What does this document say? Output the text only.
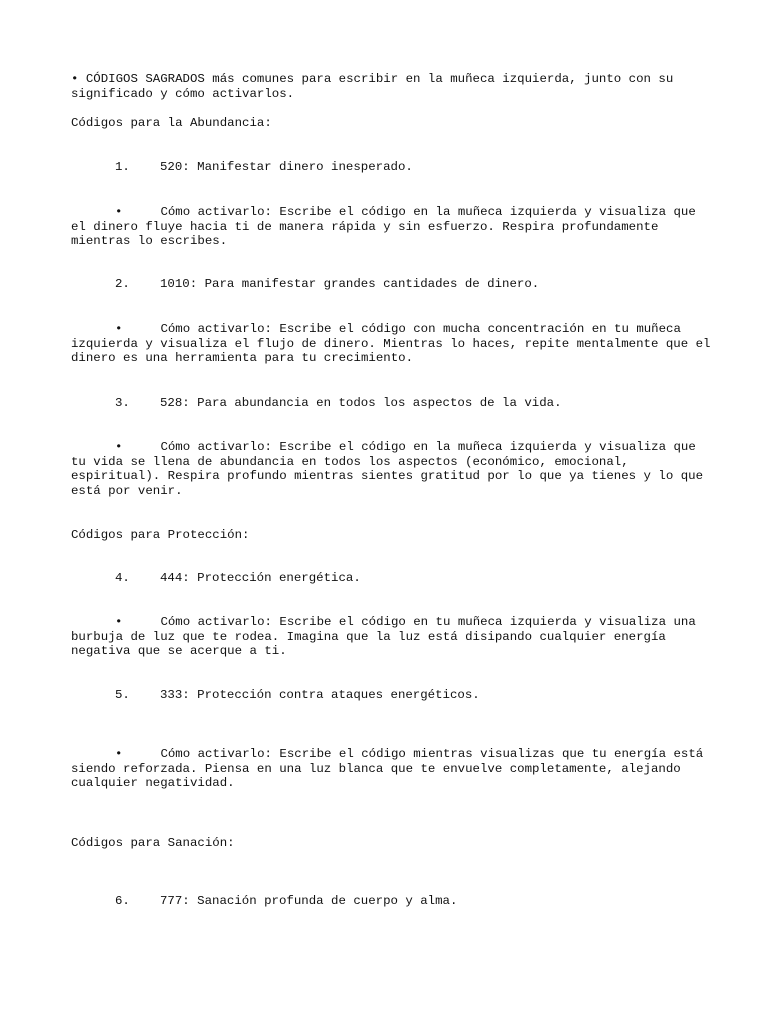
• CÓDIGOS SAGRADOS más comunes para escribir en la muñeca izquierda, junto con su significado y cómo activarlos.
Códigos para la Abundancia:
1. 520: Manifestar dinero inesperado.
•	Cómo activarlo: Escribe el código en la muñeca izquierda y visualiza que el dinero fluye hacia ti de manera rápida y sin esfuerzo. Respira profundamente mientras lo escribes.
2. 1010: Para manifestar grandes cantidades de dinero.
•	Cómo activarlo: Escribe el código con mucha concentración en tu muñeca izquierda y visualiza el flujo de dinero. Mientras lo haces, repite mentalmente que el dinero es una herramienta para tu crecimiento.
3. 528: Para abundancia en todos los aspectos de la vida.
•	Cómo activarlo: Escribe el código en la muñeca izquierda y visualiza que tu vida se llena de abundancia en todos los aspectos (económico, emocional, espiritual). Respira profundo mientras sientes gratitud por lo que ya tienes y lo que está por venir.
Códigos para Protección:
4. 444: Protección energética.
•	Cómo activarlo: Escribe el código en tu muñeca izquierda y visualiza una burbuja de luz que te rodea. Imagina que la luz está disipando cualquier energía negativa que se acerque a ti.
5. 333: Protección contra ataques energéticos.
•	Cómo activarlo: Escribe el código mientras visualizas que tu energía está siendo reforzada. Piensa en una luz blanca que te envuelve completamente, alejando cualquier negatividad.
Códigos para Sanación:
6. 777: Sanación profunda de cuerpo y alma.
